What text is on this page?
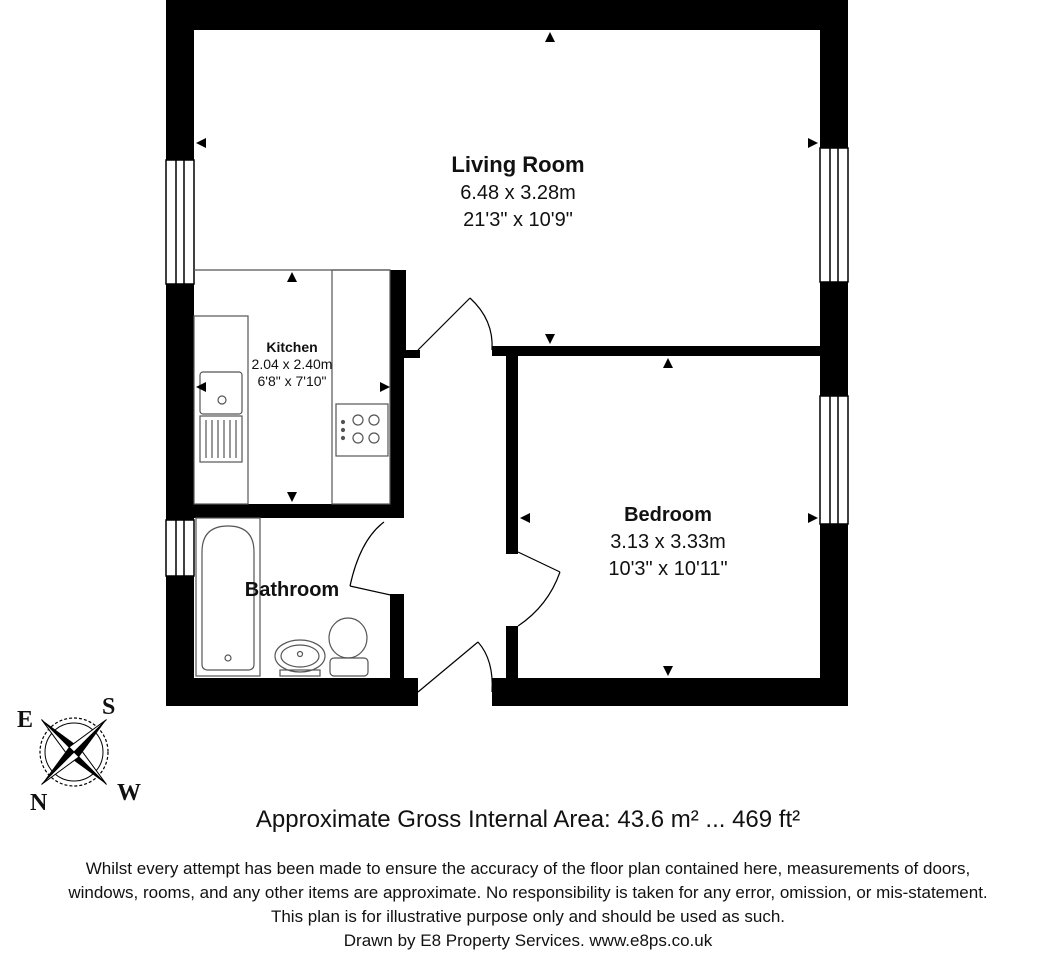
Living Room
6.48 x 3.28m
21'3" x 10'9"
Kitchen
2.04 x 2.40m
6'8" x 7'10"
Bathroom
Bedroom
3.13 x 3.33m
10'3" x 10'11"
E	S
N	W
Approximate Gross Internal Area: 43.6 m² ... 469 ft²
Whilst every attempt has been made to ensure the accuracy of the floor plan contained here, measurements of doors,
windows, rooms, and any other items are approximate. No responsibility is taken for any error, omission, or mis-statement.
This plan is for illustrative purpose only and should be used as such.
Drawn by E8 Property Services. www.e8ps.co.uk
